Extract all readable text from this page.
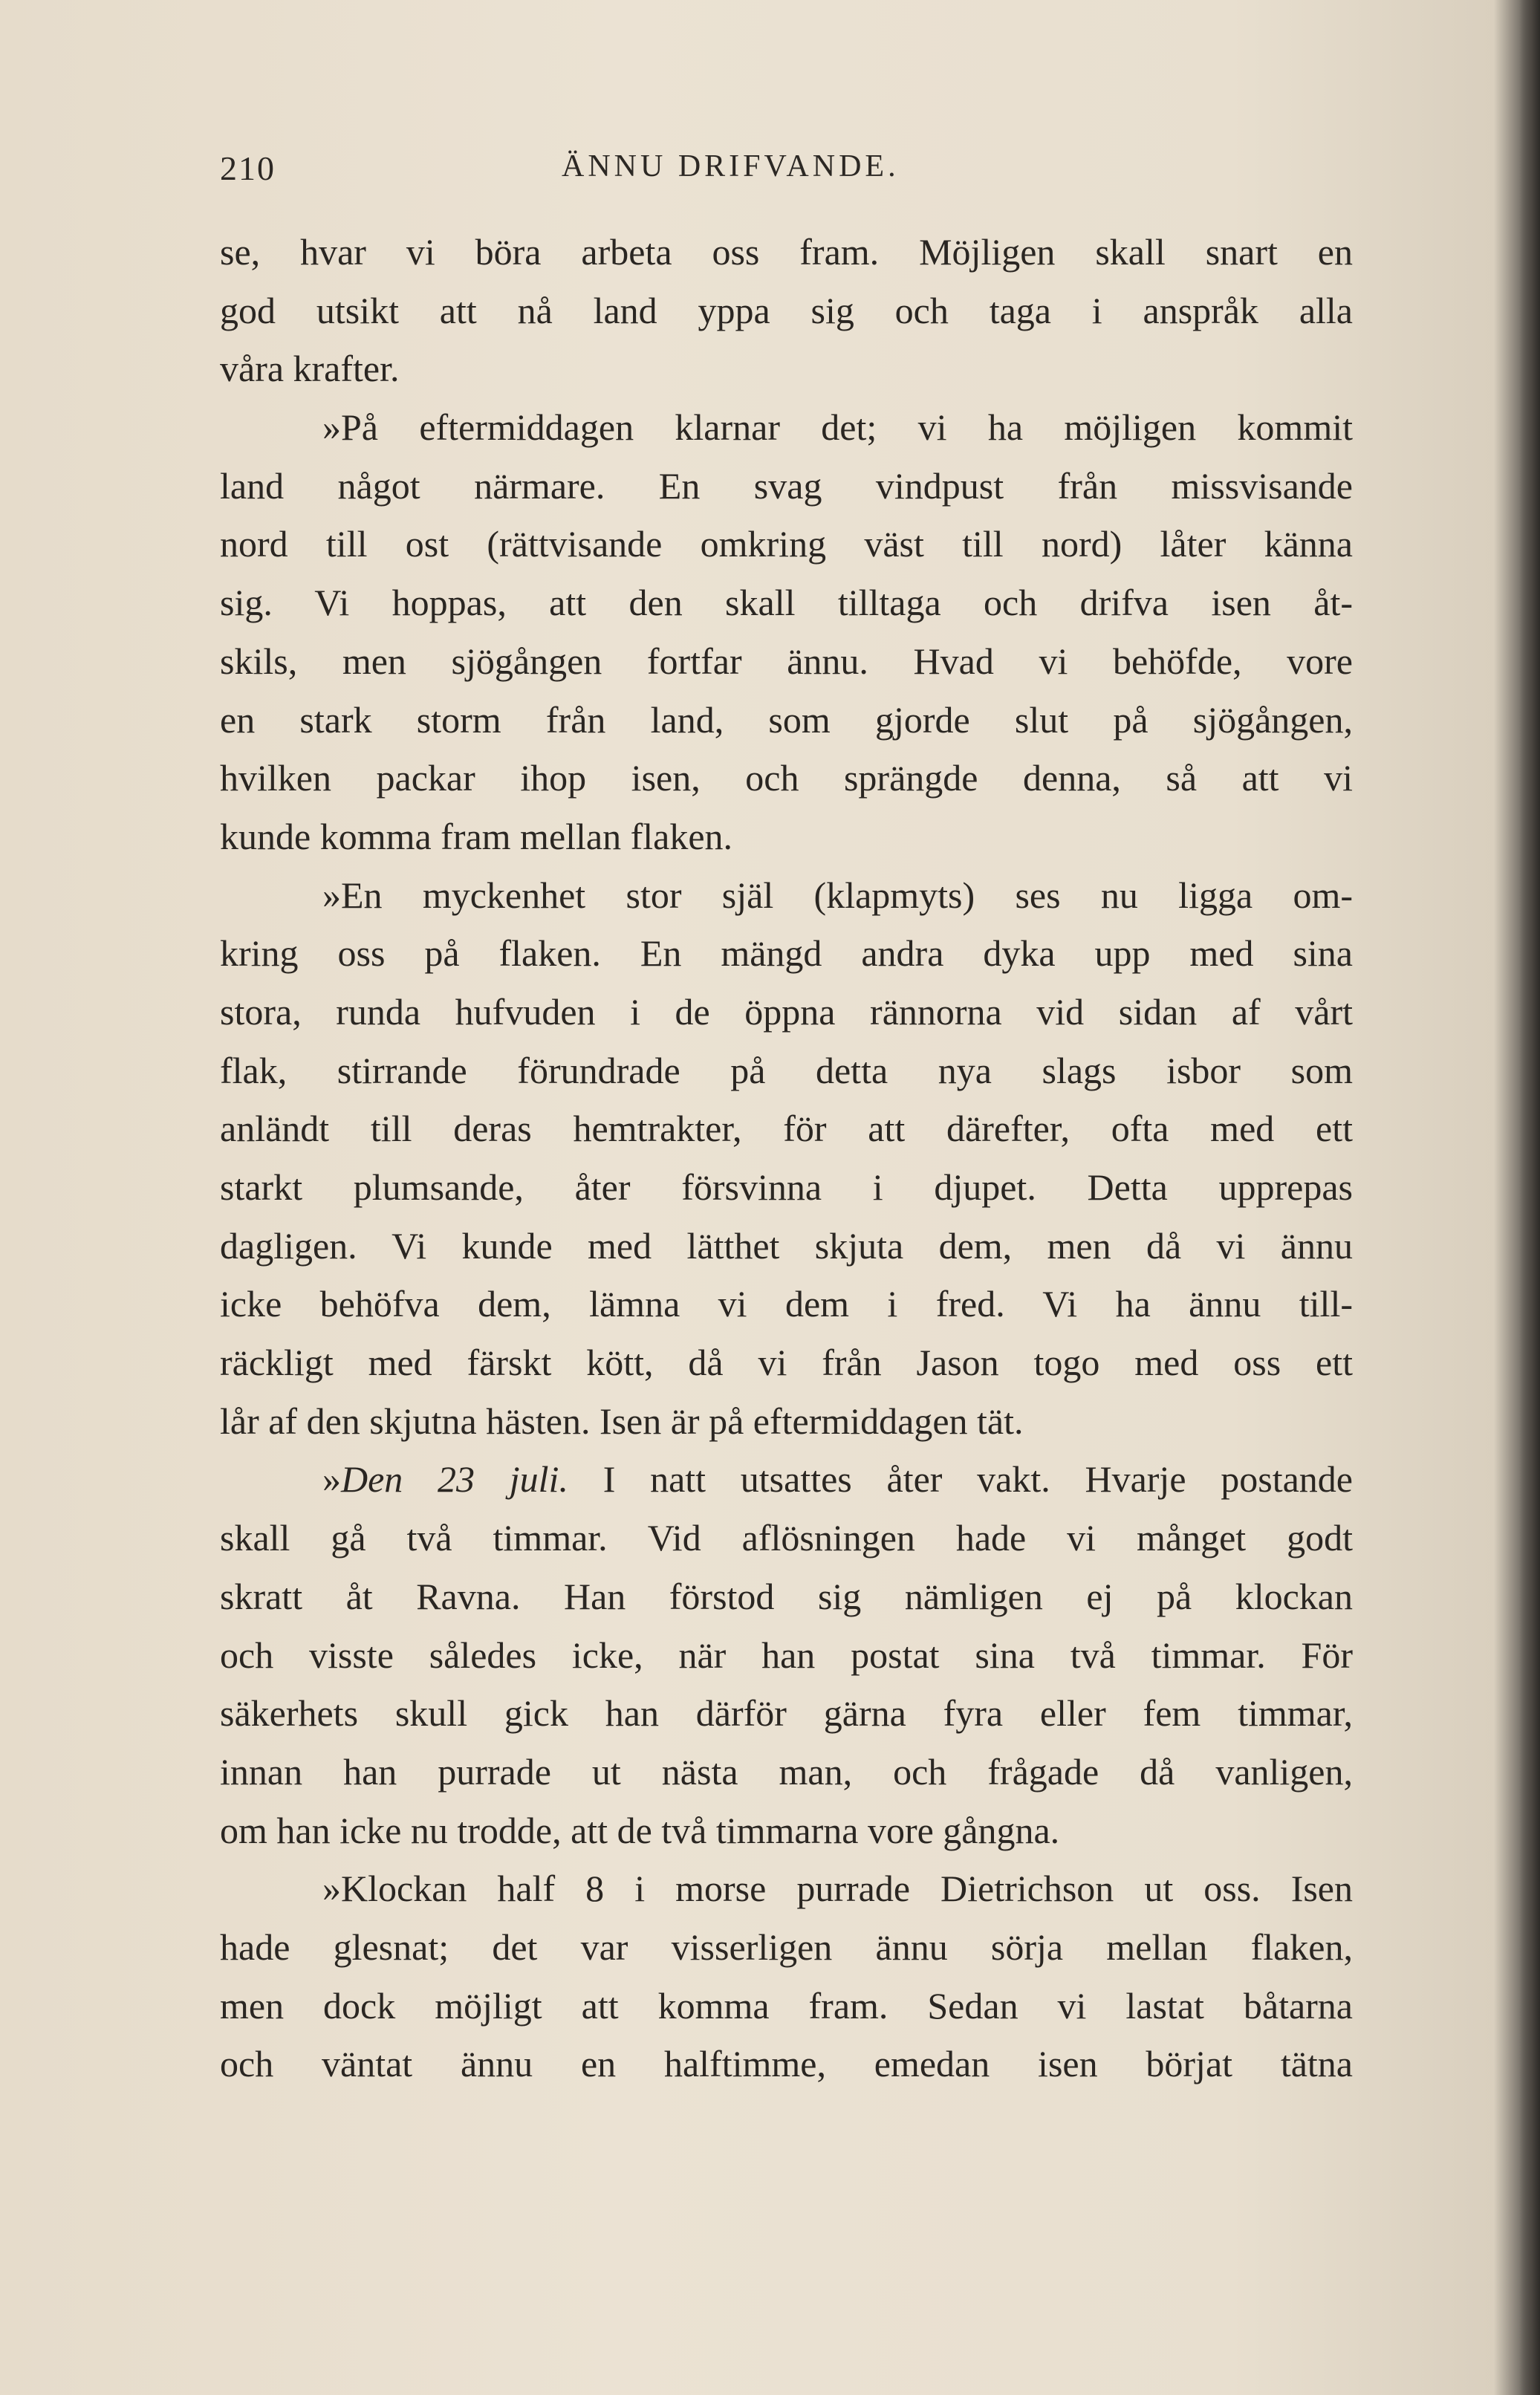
210	ÄNNU DRIFVANDE.
se, hvar vi böra arbeta oss fram. Möjligen skall snart en
god utsikt att nå land yppa sig och taga i anspråk alla
våra krafter.
»På eftermiddagen klarnar det; vi ha möjligen kommit
land något närmare. En svag vindpust från missvisande
nord till ost (rättvisande omkring väst till nord) låter känna
sig. Vi hoppas, att den skall tilltaga och drifva isen åt-
skils, men sjögången fortfar ännu. Hvad vi behöfde, vore
en stark storm från land, som gjorde slut på sjögången,
hvilken packar ihop isen, och sprängde denna, så att vi
kunde komma fram mellan flaken.
»En myckenhet stor själ (klapmyts) ses nu ligga om-
kring oss på flaken. En mängd andra dyka upp med sina
stora, runda hufvuden i de öppna rännorna vid sidan af vårt
flak, stirrande förundrade på detta nya slags isbor som
anländt till deras hemtrakter, för att därefter, ofta med ett
starkt plumsande, åter försvinna i djupet. Detta upprepas
dagligen. Vi kunde med lätthet skjuta dem, men då vi ännu
icke behöfva dem, lämna vi dem i fred. Vi ha ännu till-
räckligt med färskt kött, då vi från Jason togo med oss ett
lår af den skjutna hästen. Isen är på eftermiddagen tät.
»Den 23 juli. I natt utsattes åter vakt. Hvarje postande
skall gå två timmar. Vid aflösningen hade vi månget godt
skratt åt Ravna. Han förstod sig nämligen ej på klockan
och visste således icke, när han postat sina två timmar. För
säkerhets skull gick han därför gärna fyra eller fem timmar,
innan han purrade ut nästa man, och frågade då vanligen,
om han icke nu trodde, att de två timmarna vore gångna.
»Klockan half 8 i morse purrade Dietrichson ut oss. Isen
hade glesnat; det var visserligen ännu sörja mellan flaken,
men dock möjligt att komma fram. Sedan vi lastat båtarna
och väntat ännu en halftimme, emedan isen börjat tätna
